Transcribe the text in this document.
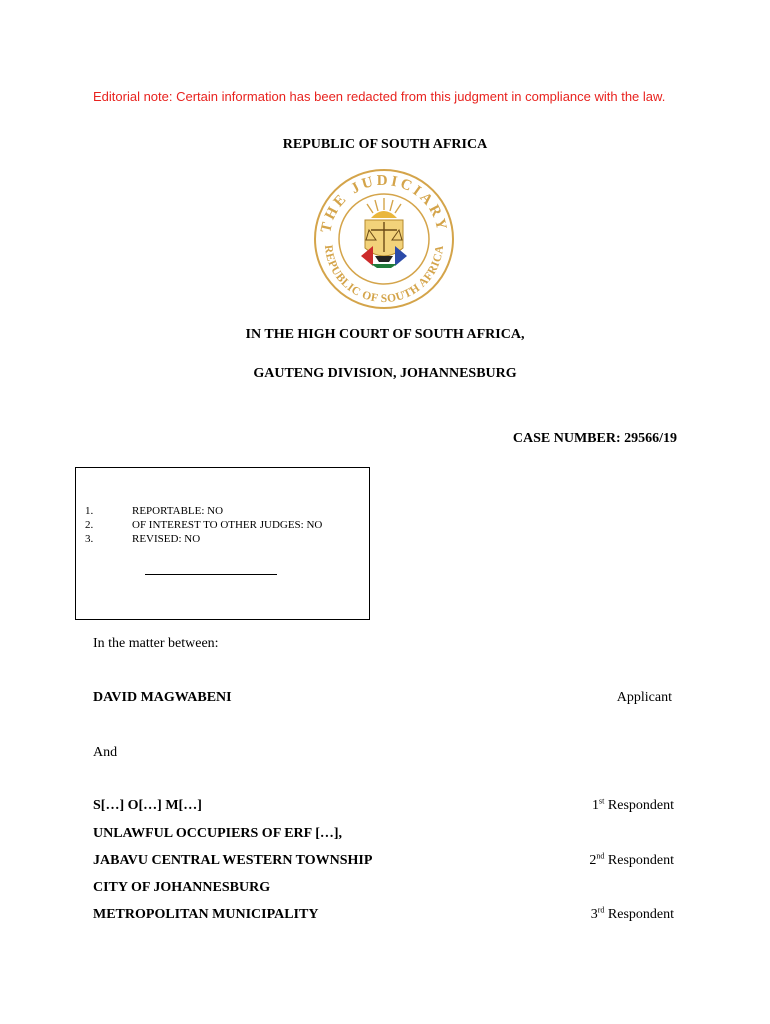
Editorial note: Certain information has been redacted from this judgment in compliance with the law.
REPUBLIC OF SOUTH AFRICA
THE JUDICIARY
REPUBLIC OF SOUTH AFRICA
IN THE HIGH COURT OF SOUTH AFRICA,
GAUTENG DIVISION, JOHANNESBURG
CASE NUMBER: 29566/19
1.	REPORTABLE: NO
2.	OF INTEREST TO OTHER JUDGES: NO
3.	REVISED: NO
In the matter between:
DAVID MAGWABENI	Applicant
And
S[…] O[…] M[…]	1st Respondent
UNLAWFUL OCCUPIERS OF ERF […],
JABAVU CENTRAL WESTERN TOWNSHIP	2nd Respondent
CITY OF JOHANNESBURG
METROPOLITAN MUNICIPALITY	3rd Respondent
